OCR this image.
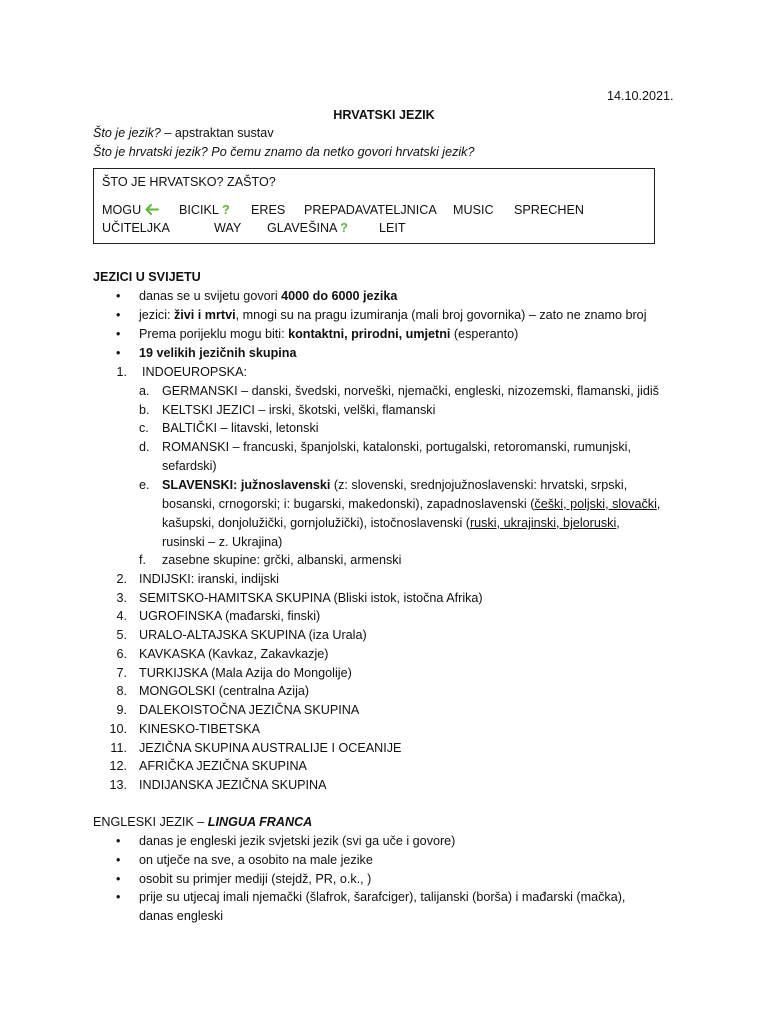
14.10.2021.
HRVATSKI JEZIK
Što je jezik? – apstraktan sustav
Što je hrvatski jezik? Po čemu znamo da netko govori hrvatski jezik?
ŠTO JE HRVATSKO? ZAŠTO?
MOGU	BICIKL ? ERES PREPADAVATELJNICA MUSIC SPRECHEN
UČITELJKA	WAY GLAVEŠINA ? LEIT
JEZICI U SVIJETU
• danas se u svijetu govori 4000 do 6000 jezika
• jezici: živi i mrtvi, mnogi su na pragu izumiranja (mali broj govornika) – zato ne znamo broj
• Prema porijeklu mogu biti: kontaktni, prirodni, umjetni (esperanto)
• 19 velikih jezičnih skupina
1. INDOEUROPSKA:
a. GERMANSKI – danski, švedski, norveški, njemački, engleski, nizozemski, flamanski, jidiš
b. KELTSKI JEZICI – irski, škotski, velški, flamanski
c. BALTIČKI – litavski, letonski
d. ROMANSKI – francuski, španjolski, katalonski, portugalski, retoromanski, rumunjski,
sefardski)
e. SLAVENSKI: južnoslavenski (z: slovenski, srednjojužnoslavenski: hrvatski, srpski,
bosanski, crnogorski; i: bugarski, makedonski), zapadnoslavenski (češki, poljski, slovački,
kašupski, donjolužički, gornjolužički), istočnoslavenski (ruski, ukrajinski, bjeloruski,
rusinski – z. Ukrajina)
f. zasebne skupine: grčki, albanski, armenski
2. INDIJSKI: iranski, indijski
3. SEMITSKO-HAMITSKA SKUPINA (Bliski istok, istočna Afrika)
4. UGROFINSKA (mađarski, finski)
5. URALO-ALTAJSKA SKUPINA (iza Urala)
6. KAVKASKA (Kavkaz, Zakavkazje)
7. TURKIJSKA (Mala Azija do Mongolije)
8. MONGOLSKI (centralna Azija)
9. DALEKOISTOČNA JEZIČNA SKUPINA
10. KINESKO-TIBETSKA
11. JEZIČNA SKUPINA AUSTRALIJE I OCEANIJE
12. AFRIČKA JEZIČNA SKUPINA
13. INDIJANSKA JEZIČNA SKUPINA
ENGLESKI JEZIK – LINGUA FRANCA
• danas je engleski jezik svjetski jezik (svi ga uče i govore)
• on utječe na sve, a osobito na male jezike
• osobit su primjer mediji (stejdž, PR, o.k., )
• prije su utjecaj imali njemački (šlafrok, šarafciger), talijanski (borša) i mađarski (mačka),
danas engleski
